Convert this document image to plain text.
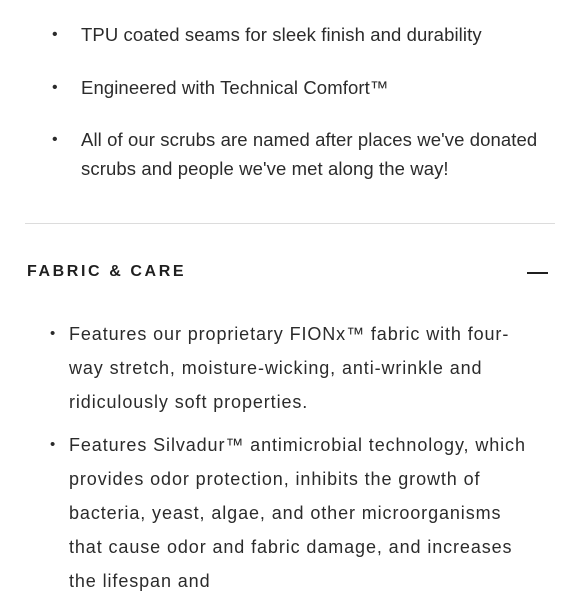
• TPU coated seams for sleek finish and durability
• Engineered with Technical Comfort™
• All of our scrubs are named after places we've donated scrubs and people we've met along the way!
FABRIC & CARE
• Features our proprietary FIONx™ fabric with four-way stretch, moisture-wicking, anti-wrinkle and ridiculously soft properties.
• Features Silvadur™ antimicrobial technology, which provides odor protection, inhibits the growth of bacteria, yeast, algae, and other microorganisms that cause odor and fabric damage, and increases the lifespan and
